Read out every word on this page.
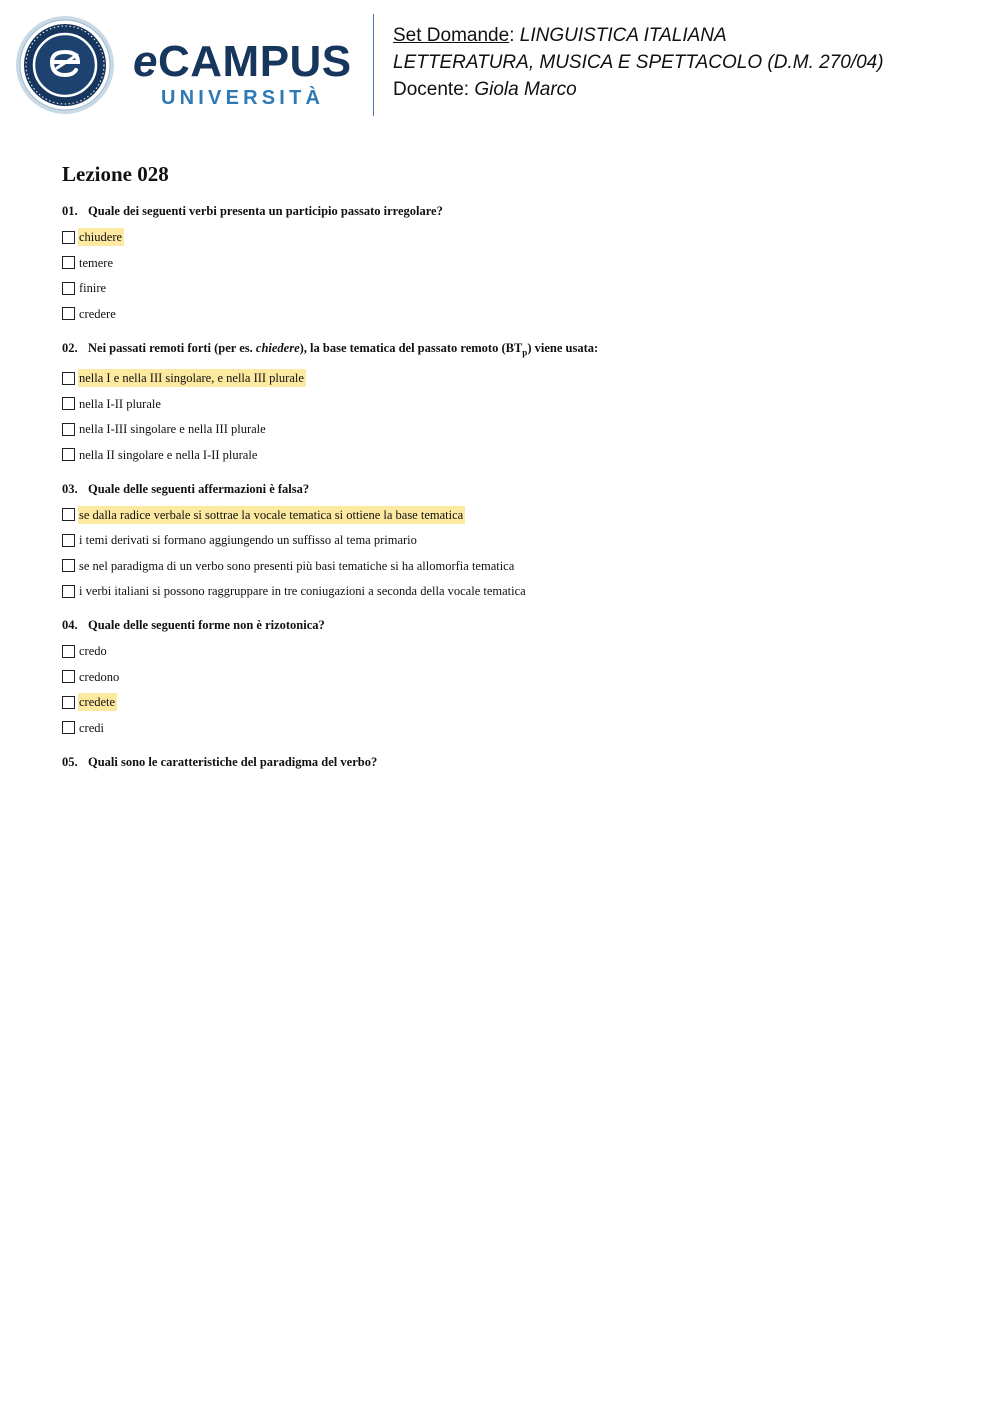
eCAMPUS
UNIVERSITÀ
Set Domande: LINGUISTICA ITALIANA
LETTERATURA, MUSICA E SPETTACOLO (D.M. 270/04)
Docente: Giola Marco
Lezione 028
01. Quale dei seguenti verbi presenta un participio passato irregolare?
chiudere
temere
finire
credere
02. Nei passati remoti forti (per es. chiedere), la base tematica del passato remoto $(BT_p)$ viene usata:
nella I e nella III singolare, e nella III plurale
nella I-II plurale
nella I-III singolare e nella III plurale
nella II singolare e nella I-II plurale
03. Quale delle seguenti affermazioni è falsa?
se dalla radice verbale si sottrae la vocale tematica si ottiene la base tematica
i temi derivati si formano aggiungendo un suffisso al tema primario
se nel paradigma di un verbo sono presenti più basi tematiche si ha allomorfia tematica
i verbi italiani si possono raggruppare in tre coniugazioni a seconda della vocale tematica
04. Quale delle seguenti forme non è rizotonica?
credo
credono
credete
credi
05. Quali sono le caratteristiche del paradigma del verbo?
